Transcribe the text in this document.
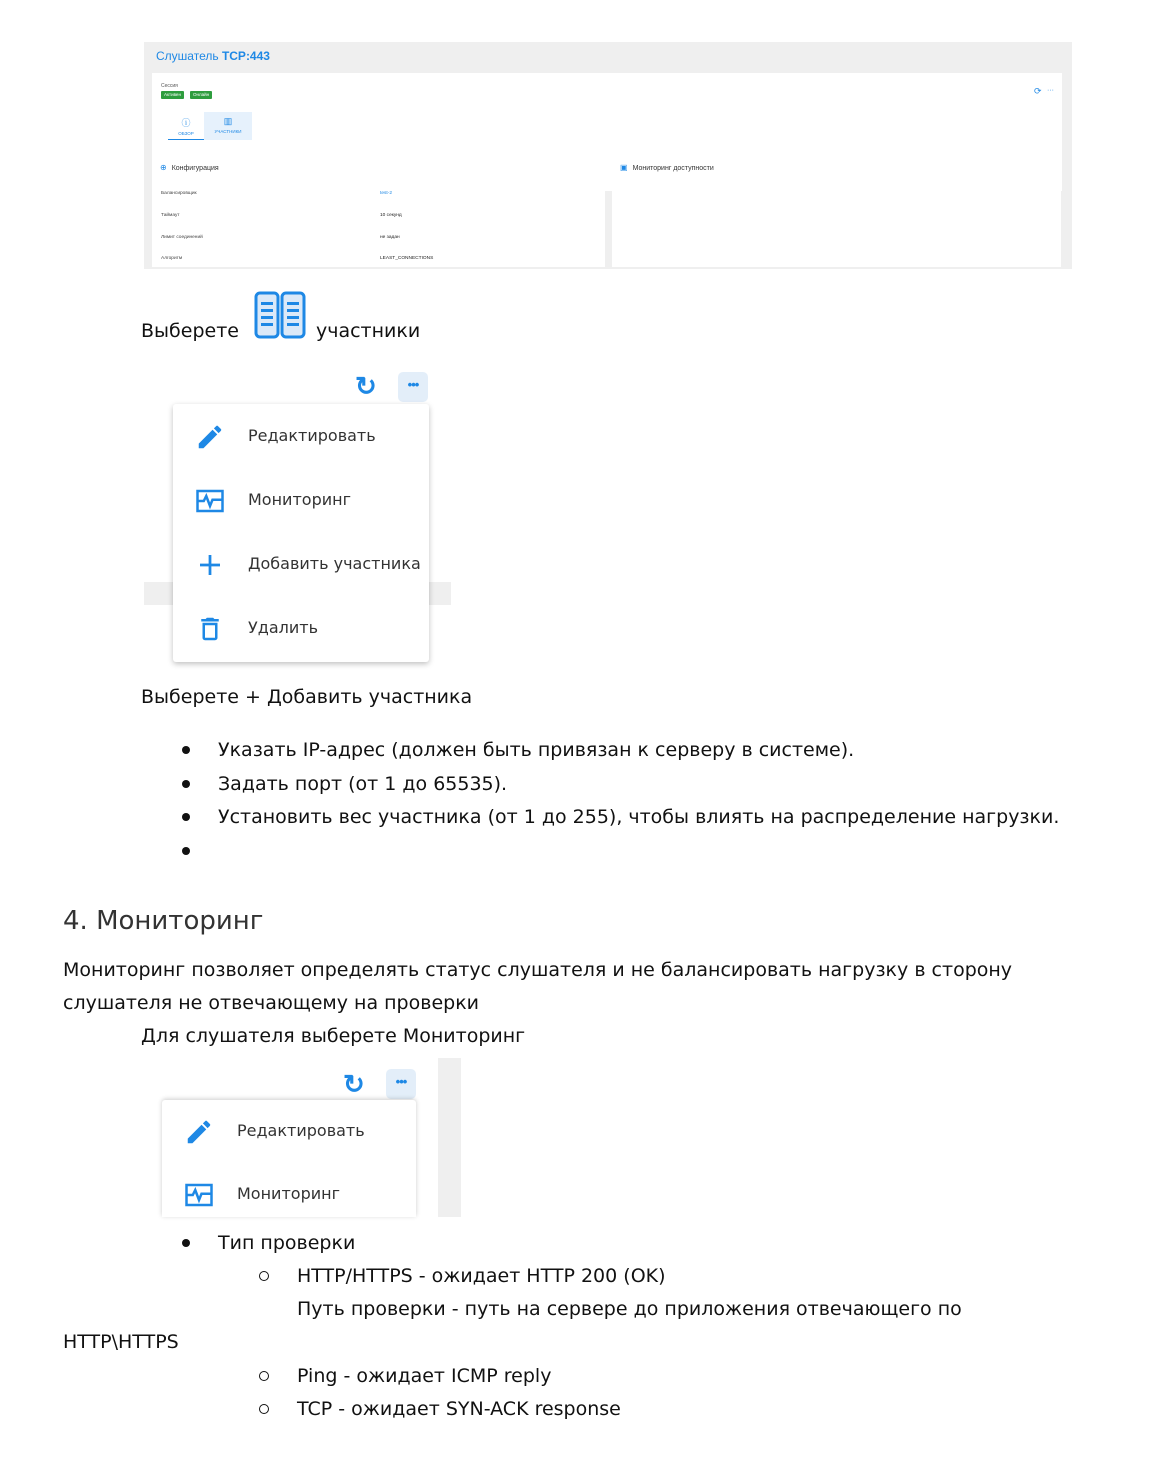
Слушатель TCP:443
Сессия
Активен	Онлайн	⟳ ···
ⓘ
ОБЗОР
▥
УЧАСТНИКИ
⊕ Конфигурация
Балансировщик	test-2
Таймаут	10 секунд
Лимит соединений	не задан
Алгоритм	LEAST_CONNECTIONS
▣ Мониторинг доступности
Выберете	участники
↻	•••
Редактировать
Мониторинг
Добавить участника
Удалить
Выберете + Добавить участника
Указать IP-адрес (должен быть привязан к серверу в системе).
Задать порт (от 1 до 65535).
Установить вес участника (от 1 до 255), чтобы влиять на распределение нагрузки.
4. Мониторинг
Мониторинг позволяет определять статус слушателя и не балансировать нагрузку в сторону
слушателя не отвечающему на проверки
Для слушателя выберете Мониторинг
↻	•••
Редактировать
Мониторинг
Тип проверки
HTTP/HTTPS - ожидает HTTP 200 (OK)
Путь проверки - путь на сервере до приложения отвечающего по
HTTP\HTTPS
Ping - ожидает ICMP reply
TCP - ожидает SYN-ACK response
